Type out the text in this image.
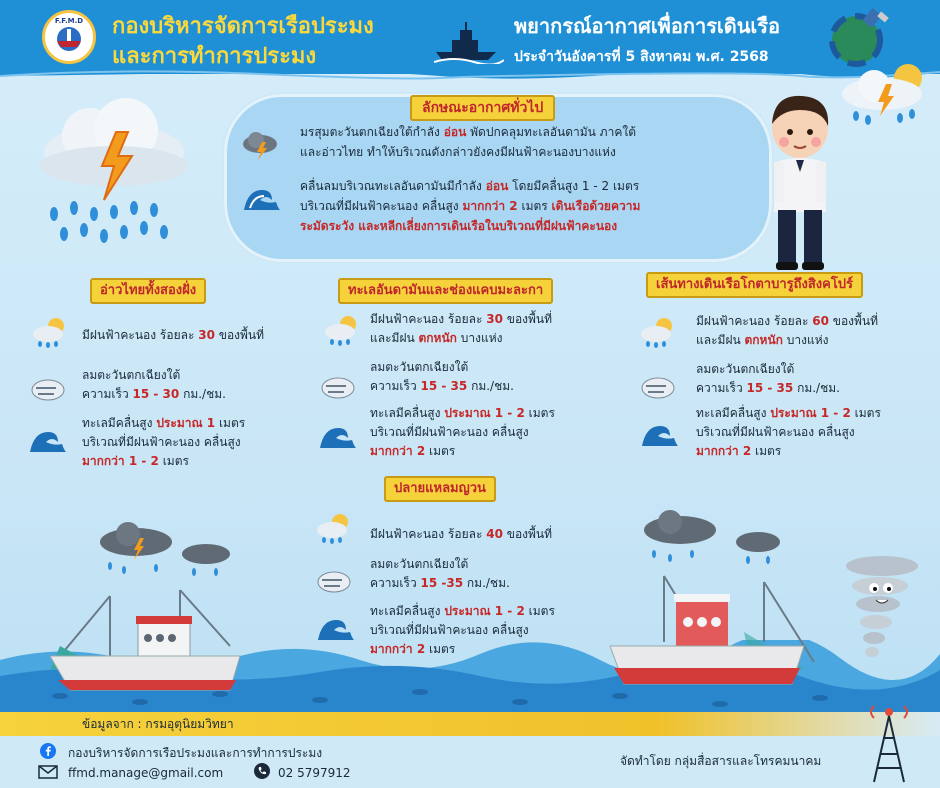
F.F.M.D	กองบริหารจัดการเรือประมง
และการทำการประมง
พยากรณ์อากาศเพื่อการเดินเรือ
ประจำวันอังคารที่ 5 สิงหาคม พ.ศ. 2568
ลักษณะอากาศทั่วไป
มรสุมตะวันตกเฉียงใต้กำลัง อ่อน พัดปกคลุมทะเลอันดามัน ภาคใต้
และอ่าวไทย ทำให้บริเวณดังกล่าวยังคงมีฝนฟ้าคะนองบางแห่ง
คลื่นลมบริเวณทะเลอันดามันมีกำลัง อ่อน โดยมีคลื่นสูง 1 - 2 เมตร
บริเวณที่มีฝนฟ้าคะนอง คลื่นสูง มากกว่า 2 เมตร เดินเรือด้วยความ
ระมัดระวัง และหลีกเลี่ยงการเดินเรือในบริเวณที่มีฝนฟ้าคะนอง
อ่าวไทยทั้งสองฝั่ง
มีฝนฟ้าคะนอง ร้อยละ 30 ของพื้นที่
ลมตะวันตกเฉียงใต้
ความเร็ว 15 - 30 กม./ชม.
ทะเลมีคลื่นสูง ประมาณ 1 เมตร
บริเวณที่มีฝนฟ้าคะนอง คลื่นสูง
มากกว่า 1 - 2 เมตร
ทะเลอันดามันและช่องแคบมะละกา
มีฝนฟ้าคะนอง ร้อยละ 30 ของพื้นที่
และมีฝน ตกหนัก บางแห่ง
ลมตะวันตกเฉียงใต้
ความเร็ว 15 - 35 กม./ชม.
ทะเลมีคลื่นสูง ประมาณ 1 - 2 เมตร
บริเวณที่มีฝนฟ้าคะนอง คลื่นสูง
มากกว่า 2 เมตร
เส้นทางเดินเรือโกตาบารูถึงสิงคโปร์
มีฝนฟ้าคะนอง ร้อยละ 60 ของพื้นที่
และมีฝน ตกหนัก บางแห่ง
ลมตะวันตกเฉียงใต้
ความเร็ว 15 - 35 กม./ชม.
ทะเลมีคลื่นสูง ประมาณ 1 - 2 เมตร
บริเวณที่มีฝนฟ้าคะนอง คลื่นสูง
มากกว่า 2 เมตร
ปลายแหลมญวน
มีฝนฟ้าคะนอง ร้อยละ 40 ของพื้นที่
ลมตะวันตกเฉียงใต้
ความเร็ว 15 -35 กม./ชม.
ทะเลมีคลื่นสูง ประมาณ 1 - 2 เมตร
บริเวณที่มีฝนฟ้าคะนอง คลื่นสูง
มากกว่า 2 เมตร
ข้อมูลจาก : กรมอุตุนิยมวิทยา
กองบริหารจัดการเรือประมงและการทำการประมง
ffmd.manage@gmail.com	02 5797912
จัดทำโดย กลุ่มสื่อสารและโทรคมนาคม
